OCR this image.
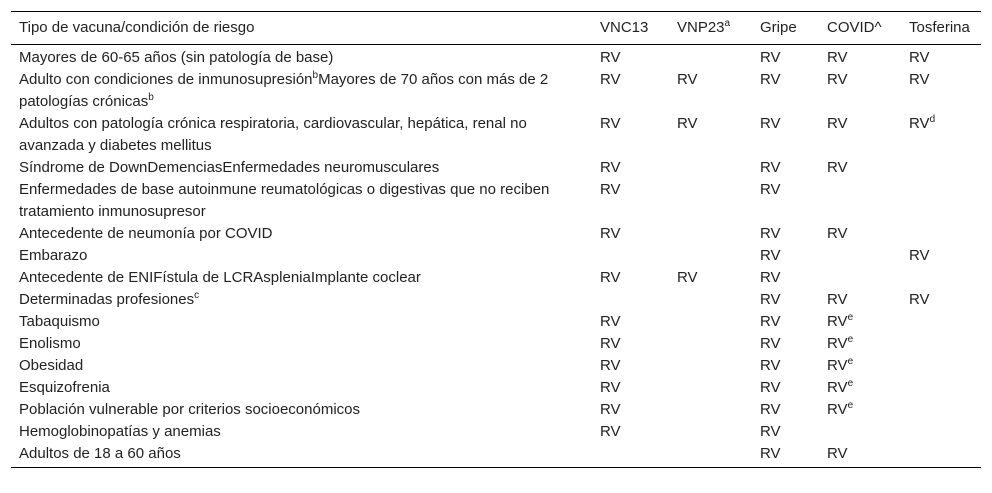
Tipo de vacuna/condición de riesgo	VNC13	VNP23$^a$	Gripe	COVID^	Tosferina
Mayores de 60-65 años (sin patología de base)	RV		RV	RV	RV
Adulto con condiciones de inmunosupresión$^b$Mayores de 70 años con más de 2 patologías crónicas$^b$	RV	RV	RV	RV	RV
Adultos con patología crónica respiratoria, cardiovascular, hepática, renal no avanzada y diabetes mellitus	RV	RV	RV	RV	$RV^d$
Síndrome de DownDemenciasEnfermedades neuromusculares	RV		RV	RV	
Enfermedades de base autoinmune reumatológicas o digestivas que no reciben tratamiento inmunosupresor	RV		RV		
Antecedente de neumonía por COVID	RV		RV	RV	
Embarazo			RV		RV
Antecedente de ENIFístula de LCRAspleniaImplante coclear	RV	RV	RV		
Determinadas profesiones$^c$			RV	RV	RV
Tabaquismo	RV		RV	$RV^e$	
Enolismo	RV		RV	$RV^e$	
Obesidad	RV		RV	$RV^e$	
Esquizofrenia	RV		RV	$RV^e$	
Población vulnerable por criterios socioeconómicos	RV		RV	$RV^e$	
Hemoglobinopatías y anemias	RV		RV		
Adultos de 18 a 60 años			RV	RV	
